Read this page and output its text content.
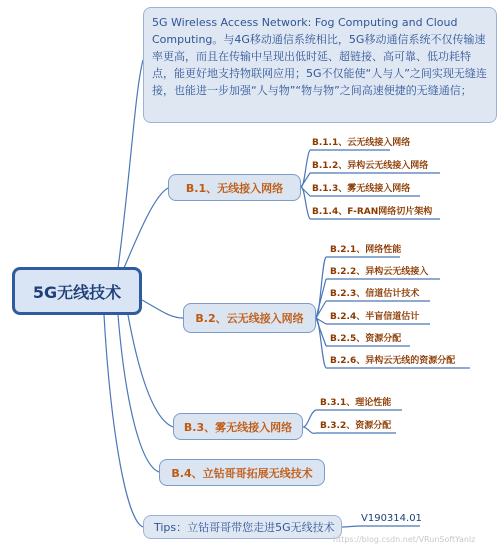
5G Wireless Access Network: Fog Computing and Cloud Computing。与4G移动通信系统相比，5G移动通信系统不仅传输速率更高，而且在传输中呈现出低时延、超链接、高可靠、低功耗特点，能更好地支持物联网应用；5G不仅能使“人与人”之间实现无缝连接，也能进一步加强“人与物”“物与物”之间高速便捷的无缝通信；
5G无线技术
B.1、无线接入网络
B.2、云无线接入网络
B.3、雾无线接入网络
B.4、立钻哥哥拓展无线技术
B.1.1、云无线接入网络
B.1.2、异构云无线接入网络
B.1.3、雾无线接入网络
B.1.4、F-RAN网络切片架构
B.2.1、网络性能
B.2.2、异构云无线接入
B.2.3、信道估计技术
B.2.4、半盲信道估计
B.2.5、资源分配
B.2.6、异构云无线的资源分配
B.3.1、理论性能
B.3.2、资源分配
Tips：立钻哥哥带您走进5G无线技术
V190314.01
https://blog.csdn.net/VRunSoftYanlz
